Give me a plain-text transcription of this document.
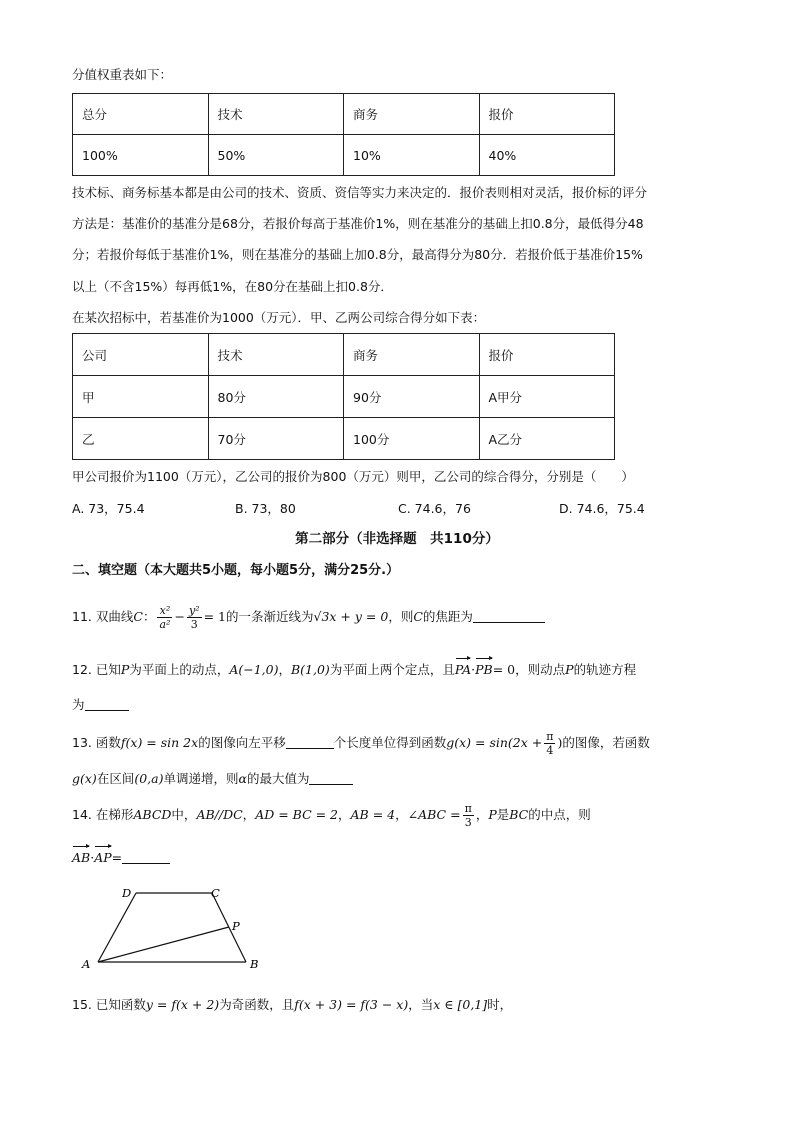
分值权重表如下：
总分	技术	商务	报价
100%	50%	10%	40%
技术标、商务标基本都是由公司的技术、资质、资信等实力来决定的．报价表则相对灵活，报价标的评分
方法是：基准价的基准分是68分，若报价每高于基准价1%，则在基准分的基础上扣0.8分，最低得分48
分；若报价每低于基准价1%，则在基准分的基础上加0.8分，最高得分为80分．若报价低于基准价15%
以上（不含15%）每再低1%，在80分在基础上扣0.8分．
在某次招标中，若基准价为1000（万元）．甲、乙两公司综合得分如下表：
公司	技术	商务	报价
甲	80分	90分	A甲分
乙	70分	100分	A乙分
甲公司报价为1100（万元），乙公司的报价为800（万元）则甲，乙公司的综合得分，分别是（　　）
A. 73，75.4	B. 73，80	C. 74.6，76	D. 74.6，75.4
第二部分（非选择题　共110分）
二、填空题（本大题共5小题，每小题5分，满分25分.）
11. 双曲线C： $\frac{\text{x²}}{\text{a²}} - \frac{\text{y²}}{3} = 1$的一条渐近线为√3x + y = 0，则C的焦距为
12. 已知P为平面上的动点，A(−1,0)，B(1,0)为平面上两个定点，且PA·PB= 0，则动点P的轨迹方程
为
13. 函数f(x) = sin 2x的图像向左平移	个长度单位得到函数$g(x) = \sin(2x + \frac{\pi}{4}$ )的图像，若函数
g(x)在区间(0,a)单调递增，则α的最大值为
14. 在梯形ABCD中，AB//DC，AD = BC = 2，AB = 4，∠ABC = $\frac{\pi}{3}$ ，P是BC的中点，则
AB·AP=
D	C
P
A	B
15. 已知函数y = f(x + 2)为奇函数，且f(x + 3) = f(3 − x)，当x ∈ [0,1]时，
